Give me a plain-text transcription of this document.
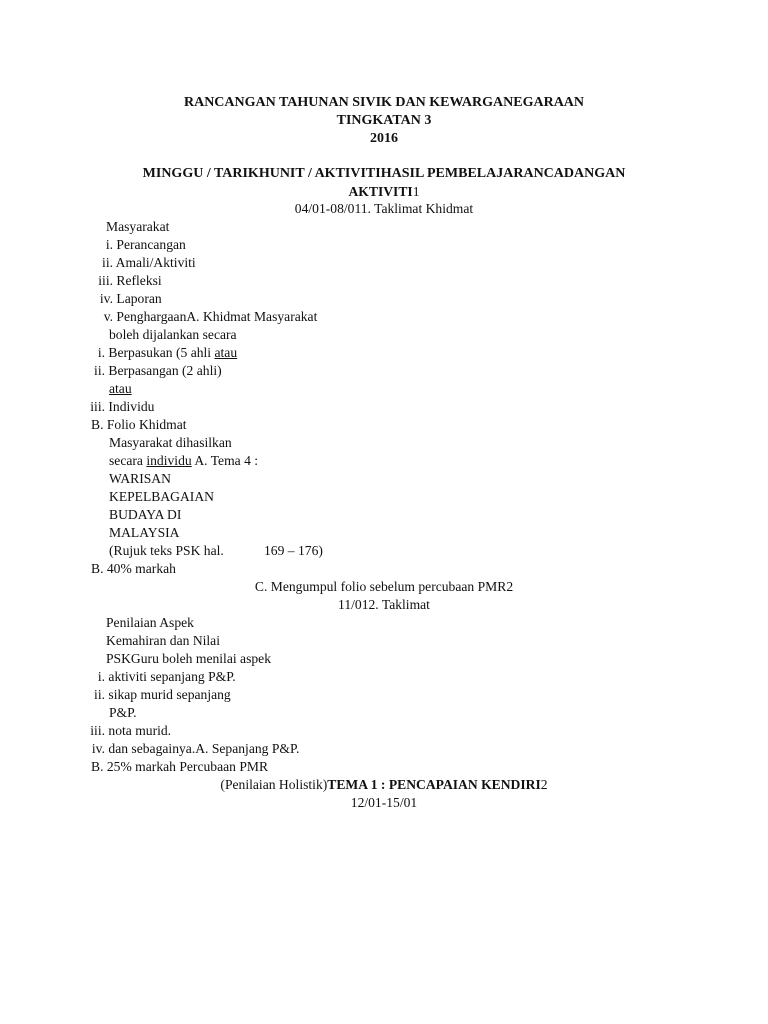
RANCANGAN TAHUNAN SIVIK DAN KEWARGANEGARAAN
TINGKATAN 3
2016
MINGGU / TARIKHUNIT / AKTIVITIHASIL PEMBELAJARANCADANGAN
AKTIVITI1
04/01-08/011. Taklimat Khidmat
Masyarakat
i. Perancangan
ii. Amali/Aktiviti
iii. Refleksi
iv. Laporan
v. PenghargaanA. Khidmat Masyarakat
boleh dijalankan secara
i. Berpasukan (5 ahli atau
ii. Berpasangan (2 ahli)
atau
iii. Individu
B. Folio Khidmat
Masyarakat dihasilkan
secara individu A. Tema 4 :
WARISAN
KEPELBAGAIAN
BUDAYA DI
MALAYSIA
(Rujuk teks PSK hal.	169 – 176)
B. 40% markah
C. Mengumpul folio sebelum percubaan PMR2
11/012. Taklimat
Penilaian Aspek
Kemahiran dan Nilai
PSKGuru boleh menilai aspek
i. aktiviti sepanjang P&P.
ii. sikap murid sepanjang
P&P.
iii. nota murid.
iv. dan sebagainya.A. Sepanjang P&P.
B. 25% markah Percubaan PMR
(Penilaian Holistik)TEMA 1 : PENCAPAIAN KENDIRI2
12/01-15/01
